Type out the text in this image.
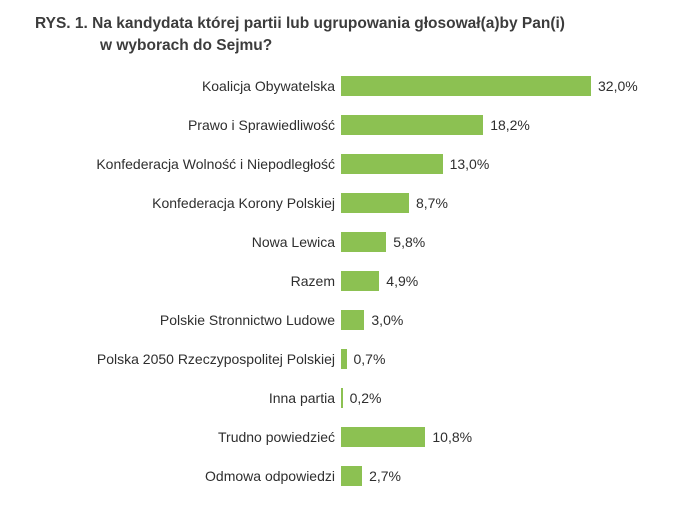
RYS. 1. Na kandydata której partii lub ugrupowania głosował(a)by Pan(i)
w wyborach do Sejmu?
Koalicja Obywatelska	32,0%
Prawo i Sprawiedliwość	18,2%
Konfederacja Wolność i Niepodległość	13,0%
Konfederacja Korony Polskiej	8,7%
Nowa Lewica	5,8%
Razem	4,9%
Polskie Stronnictwo Ludowe	3,0%
Polska 2050 Rzeczypospolitej Polskiej	0,7%
Inna partia	0,2%
Trudno powiedzieć	10,8%
Odmowa odpowiedzi	2,7%
